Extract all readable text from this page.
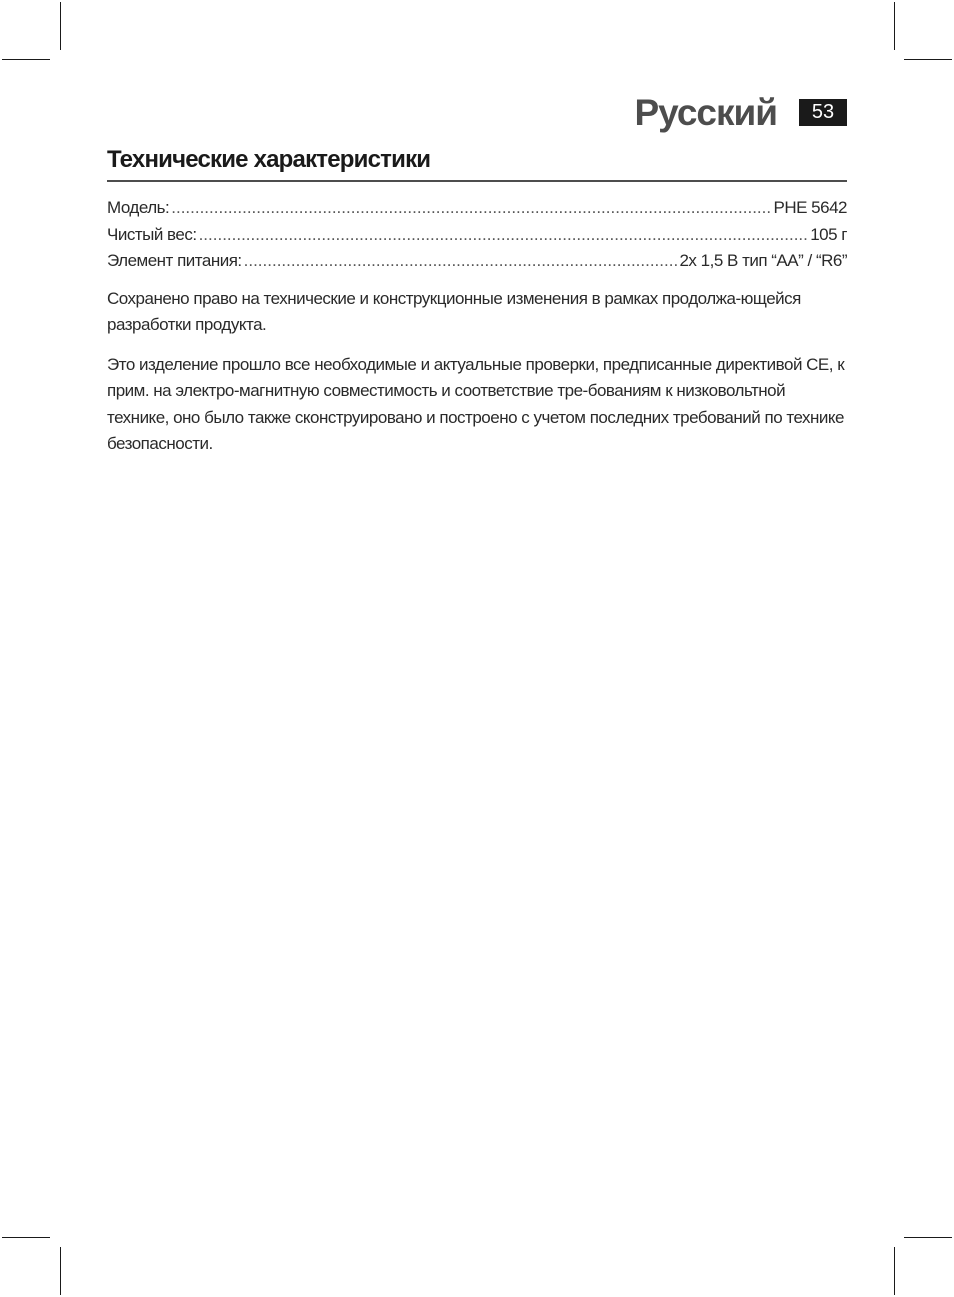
Русский	53
Технические характеристики
Модель: .....	PHE 5642
Чистый вес: .....	105 г
Элемент питания: .....	2x 1,5 В тип “AA” / “R6”

Сохранено право на технические и конструкционные изменения в рамках продолжа-ющейся разработки продукта.

Это изделение прошло все необходимые и актуальные проверки, предписанные директивой CE, к прим. на электро-магнитную совместимость и соответствие тре-бованиям к низковольтной технике, оно было также сконструировано и построено с учетом последних требований по технике безопасности.
